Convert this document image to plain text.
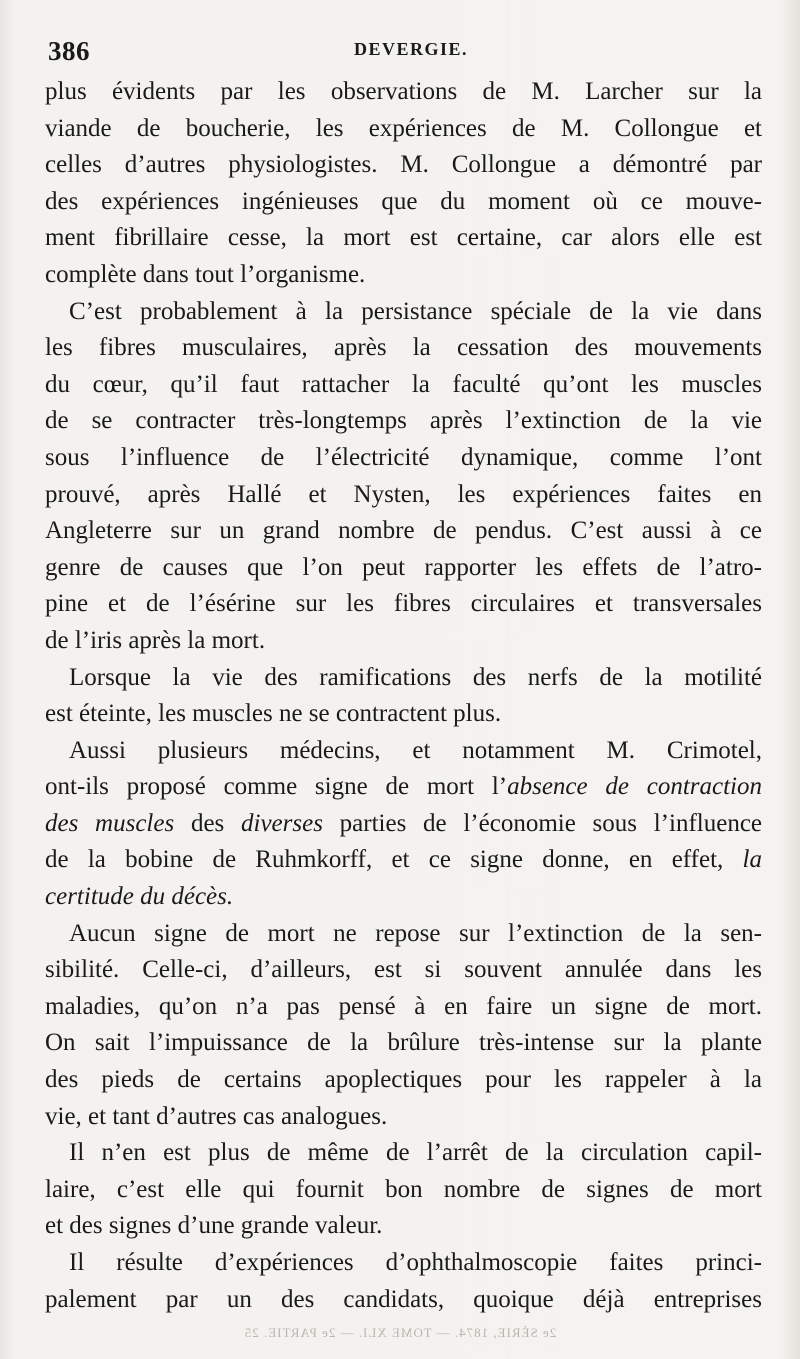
386	DEVERGIE.
plus évidents par les observations de M. Larcher sur la
viande de boucherie, les expériences de M. Collongue et
celles d’autres physiologistes. M. Collongue a démontré par
des expériences ingénieuses que du moment où ce mouve-
ment fibrillaire cesse, la mort est certaine, car alors elle est
complète dans tout l’organisme.
C’est probablement à la persistance spéciale de la vie dans
les fibres musculaires, après la cessation des mouvements
du cœur, qu’il faut rattacher la faculté qu’ont les muscles
de se contracter très-longtemps après l’extinction de la vie
sous l’influence de l’électricité dynamique, comme l’ont
prouvé, après Hallé et Nysten, les expériences faites en
Angleterre sur un grand nombre de pendus. C’est aussi à ce
genre de causes que l’on peut rapporter les effets de l’atro-
pine et de l’ésérine sur les fibres circulaires et transversales
de l’iris après la mort.
Lorsque la vie des ramifications des nerfs de la motilité
est éteinte, les muscles ne se contractent plus.
Aussi plusieurs médecins, et notamment M. Crimotel,
ont-ils proposé comme signe de mort l’absence de contraction
des muscles des diverses parties de l’économie sous l’influence
de la bobine de Ruhmkorff, et ce signe donne, en effet, la
certitude du décès.
Aucun signe de mort ne repose sur l’extinction de la sen-
sibilité. Celle-ci, d’ailleurs, est si souvent annulée dans les
maladies, qu’on n’a pas pensé à en faire un signe de mort.
On sait l’impuissance de la brûlure très-intense sur la plante
des pieds de certains apoplectiques pour les rappeler à la
vie, et tant d’autres cas analogues.
Il n’en est plus de même de l’arrêt de la circulation capil-
laire, c’est elle qui fournit bon nombre de signes de mort
et des signes d’une grande valeur.
Il résulte d’expériences d’ophthalmoscopie faites princi-
palement par un des candidats, quoique déjà entreprises
2e SÉRIE, 1874. — TOME XLI. — 2e PARTIE. 25
